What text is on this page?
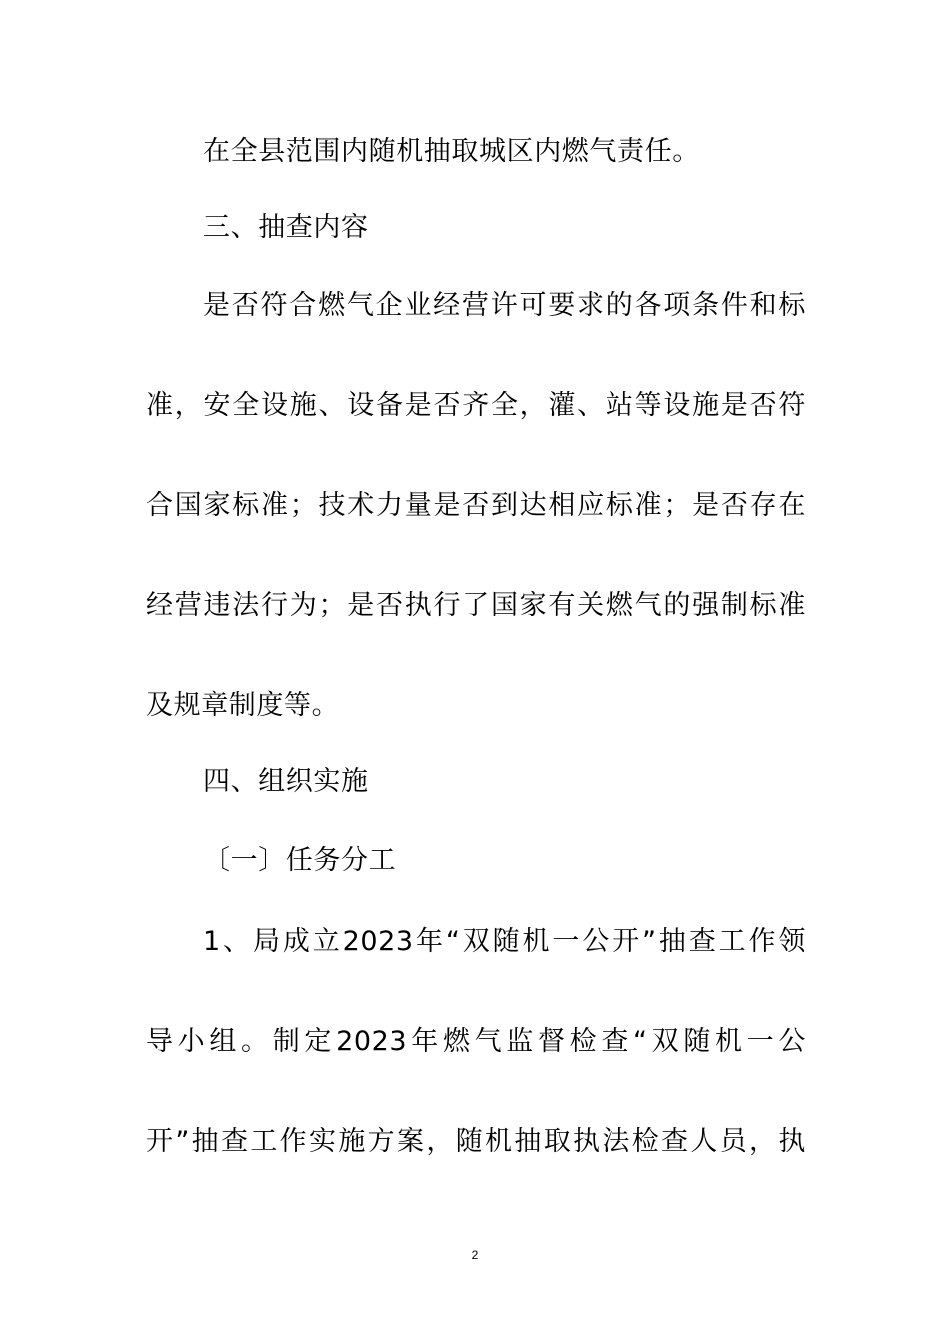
在全县范围内随机抽取城区内燃气责任。
三、抽查内容
是否符合燃气企业经营许可要求的各项条件和标
准，安全设施、设备是否齐全，灌、站等设施是否符
合国家标准；技术力量是否到达相应标准；是否存在
经营违法行为；是否执行了国家有关燃气的强制标准
及规章制度等。
四、组织实施
〔一〕任务分工
1、局成立2023年“双随机一公开”抽查工作领
导小组。制定2023年燃气监督检查“双随机一公
开”抽查工作实施方案，随机抽取执法检查人员，执
2
